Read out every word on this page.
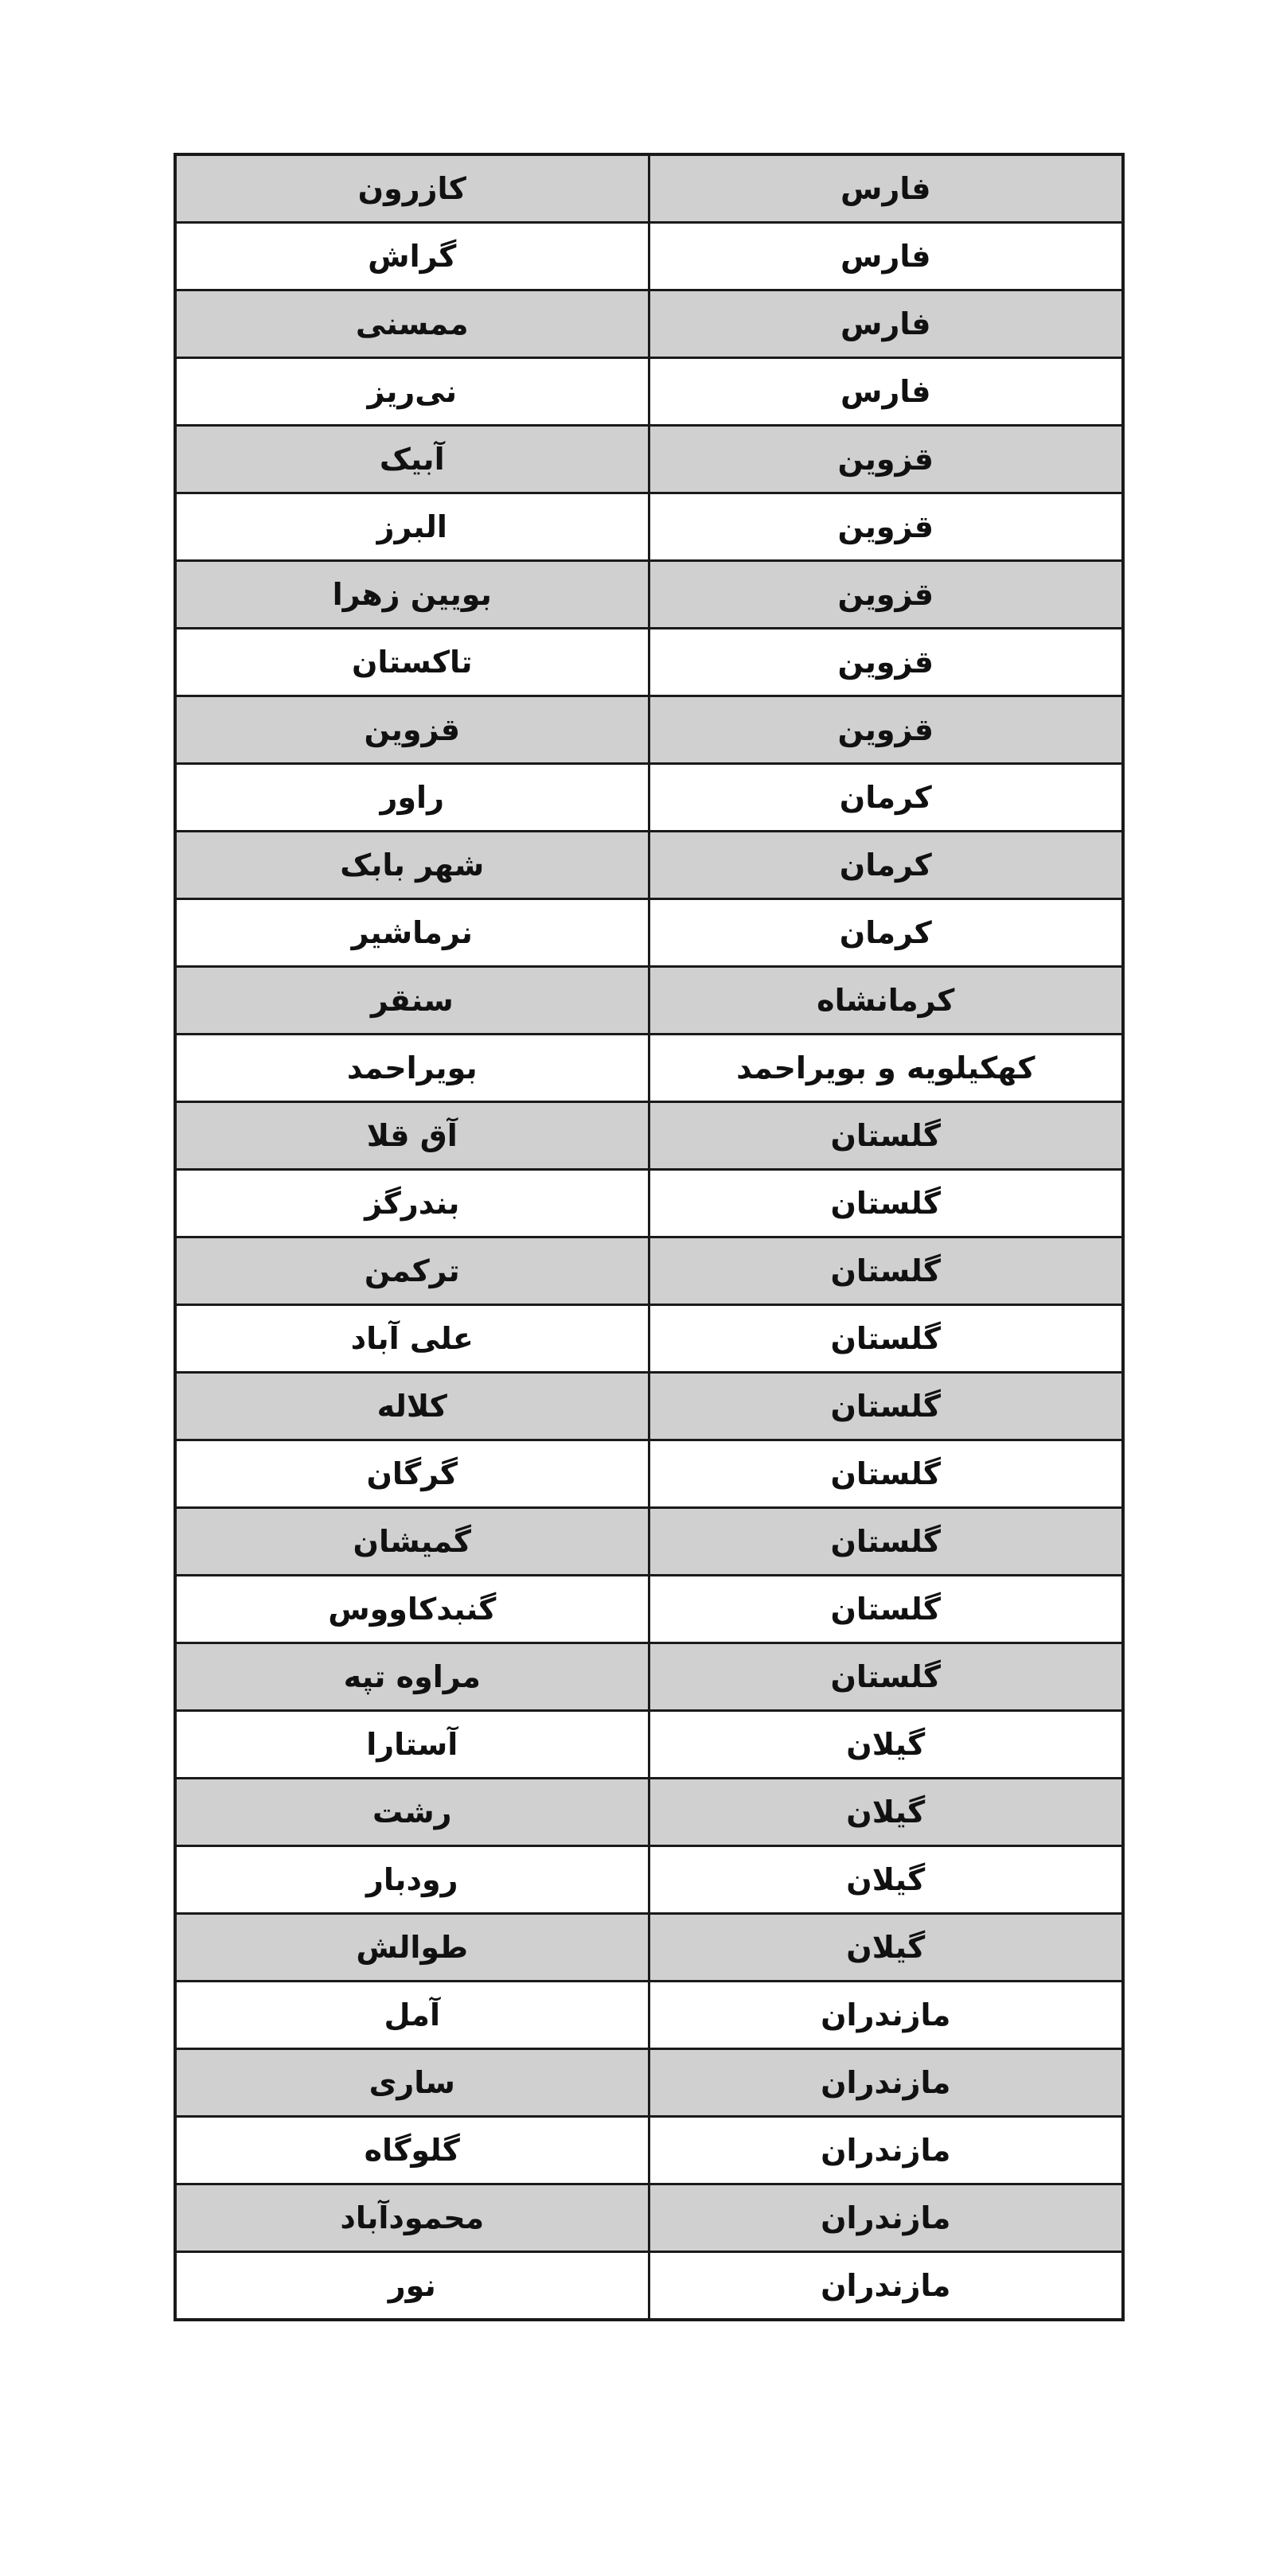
فارس	کازرون
فارس	گراش
فارس	ممسنی
فارس	نی‌ریز
قزوین	آبیک
قزوین	البرز
قزوین	بویین زهرا
قزوین	تاکستان
قزوین	قزوین
کرمان	راور
کرمان	شهر بابک
کرمان	نرماشیر
کرمانشاه	سنقر
کهکیلویه و بویراحمد	بویراحمد
گلستان	آق قلا
گلستان	بندرگز
گلستان	ترکمن
گلستان	علی آباد
گلستان	کلاله
گلستان	گرگان
گلستان	گمیشان
گلستان	گنبدکاووس
گلستان	مراوه تپه
گیلان	آستارا
گیلان	رشت
گیلان	رودبار
گیلان	طوالش
مازندران	آمل
مازندران	ساری
مازندران	گلوگاه
مازندران	محمودآباد
مازندران	نور
